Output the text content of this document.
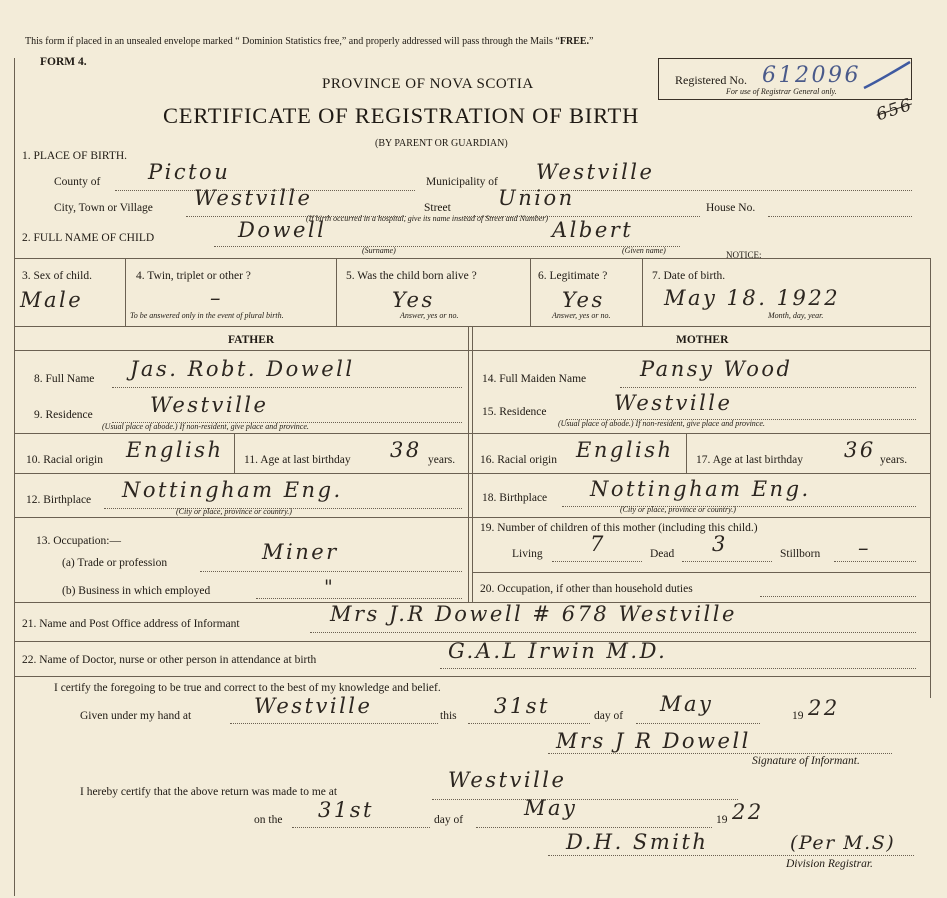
This form if placed in an unsealed envelope marked “ Dominion Statistics free,” and properly addressed will pass through the Mails “FREE.”
FORM 4.
PROVINCE OF NOVA SCOTIA
CERTIFICATE OF REGISTRATION OF BIRTH
(BY PARENT OR GUARDIAN)
Registered No. 612096
For use of Registrar General only.
656
1. PLACE OF BIRTH.
County of Pictou	Municipality of Westville
City, Town or Village Westville	Street Union	House No.
(If birth occurred in a hospital, give its name instead of Street and Number)
2. FULL NAME OF CHILD	Dowell
(Surname)
Albert
(Given name)	NOTICE:
3. Sex of child.
Male
4. Twin, triplet or other ?
–
To be answered only in the event of plural birth.
5. Was the child born alive ?
Yes
Answer, yes or no.
6. Legitimate ?
Yes
Answer, yes or no.
7. Date of birth.
May 18. 1922
Month, day, year.
FATHER	MOTHER
8. Full Name Jas. Robt. Dowell	14. Full Maiden Name	Pansy Wood
9. Residence	Westville
(Usual place of abode.) If non-resident, give place and province.
15. Residence	Westville
(Usual place of abode.) If non-resident, give place and province.
10. Racial origin English 11. Age at last birthday 38 years. 16. Racial origin English 17. Age at last birthday 36 years.
12. Birthplace Nottingham Eng.
(City or place, province or country.)
18. Birthplace Nottingham Eng.
(City or place, province or country.)
13. Occupation:—
(a) Trade or profession	Miner
(b) Business in which employed	"
19. Number of children of this mother (including this child.)
Living 7	Dead 3	Stillborn –
20. Occupation, if other than household duties
21. Name and Post Office address of Informant	Mrs J.R Dowell # 678 Westville
22. Name of Doctor, nurse or other person in attendance at birth	G.A.L Irwin M.D.
I certify the foregoing to be true and correct to the best of my knowledge and belief.
Given under my hand at	Westville	this 31st	day of May	19 22
Mrs J R Dowell
Signature of Informant.
I hereby certify that the above return was made to me at	Westville
on the 31st	day of	May	19 22
D.H. Smith	(Per M.S)
Division Registrar.
